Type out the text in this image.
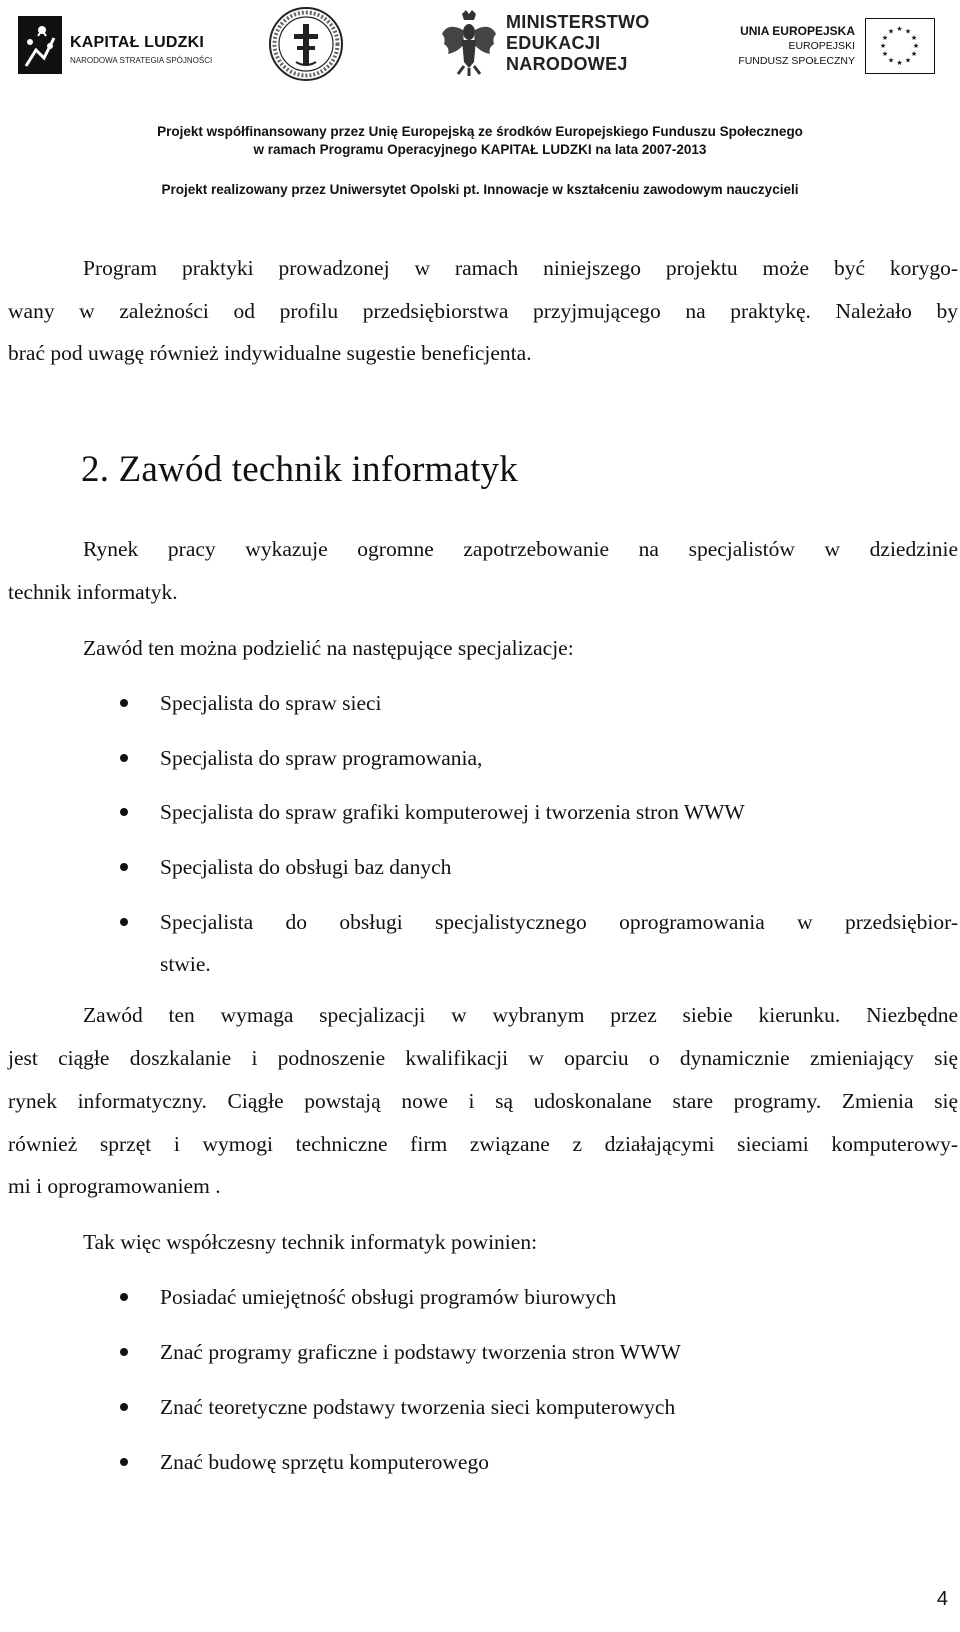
KAPITAŁ LUDZKI
NARODOWA STRATEGIA SPÓJNOŚCI
MINISTERSTWO
EDUKACJI
NARODOWEJ
UNIA EUROPEJSKA
EUROPEJSKI
FUNDUSZ SPOŁECZNY
★ ★
★
★
★
★
★
★
★
★
★
★
Projekt współfinansowany przez Unię Europejską ze środków Europejskiego Funduszu Społecznego
w ramach Programu Operacyjnego KAPITAŁ LUDZKI na lata 2007-2013
Projekt realizowany przez Uniwersytet Opolski pt. Innowacje w kształceniu zawodowym nauczycieli
Program praktyki prowadzonej w ramach niniejszego projektu może być korygo-
wany w zależności od profilu przedsiębiorstwa przyjmującego na praktykę. Należało by
brać pod uwagę również indywidualne sugestie beneficjenta.
2. Zawód technik informatyk
Rynek pracy wykazuje ogromne zapotrzebowanie na specjalistów w dziedzinie
technik informatyk.
Zawód ten można podzielić na następujące specjalizacje:
Specjalista do spraw sieci
Specjalista do spraw programowania,
Specjalista do spraw grafiki komputerowej i tworzenia stron WWW
Specjalista do obsługi baz danych
Specjalista do obsługi specjalistycznego oprogramowania w przedsiębior-
stwie.
Zawód ten wymaga specjalizacji w wybranym przez siebie kierunku. Niezbędne
jest ciągłe doszkalanie i podnoszenie kwalifikacji w oparciu o dynamicznie zmieniający się
rynek informatyczny. Ciągłe powstają nowe i są udoskonalane stare programy. Zmienia się
również sprzęt i wymogi techniczne firm związane z działającymi sieciami komputerowy-
mi i oprogramowaniem .
Tak więc współczesny technik informatyk powinien:
Posiadać umiejętność obsługi programów biurowych
Znać programy graficzne i podstawy tworzenia stron WWW
Znać teoretyczne podstawy tworzenia sieci komputerowych
Znać budowę sprzętu komputerowego
4
